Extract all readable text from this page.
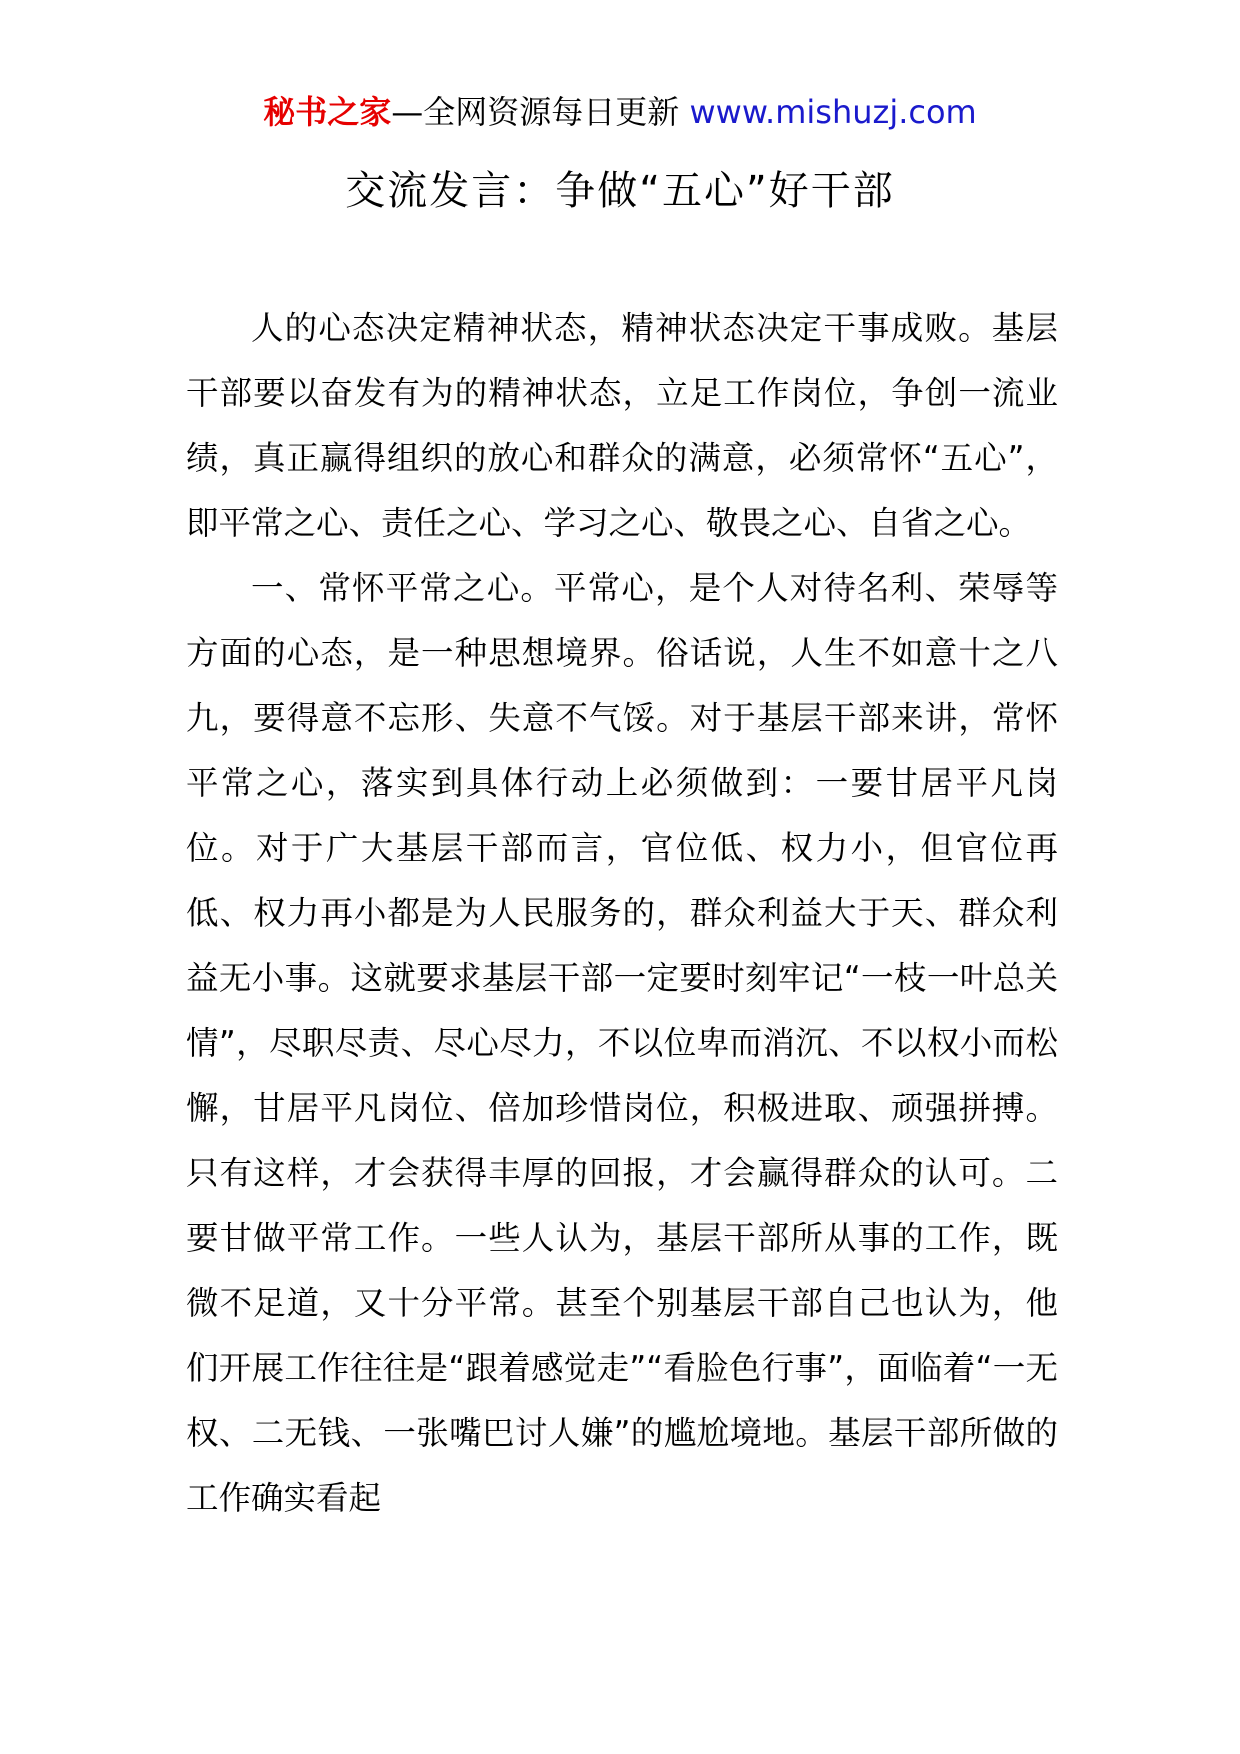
秘书之家—全网资源每日更新 www.mishuzj.com
交流发言：争做“五心”好干部

人的心态决定精神状态，精神状态决定干事成败。基层干部要以奋发有为的精神状态，立足工作岗位，争创一流业绩，真正赢得组织的放心和群众的满意，必须常怀“五心”，即平常之心、责任之心、学习之心、敬畏之心、自省之心。

一、常怀平常之心。平常心，是个人对待名利、荣辱等方面的心态，是一种思想境界。俗话说，人生不如意十之八九，要得意不忘形、失意不气馁。对于基层干部来讲，常怀平常之心，落实到具体行动上必须做到：一要甘居平凡岗位。对于广大基层干部而言，官位低、权力小，但官位再低、权力再小都是为人民服务的，群众利益大于天、群众利益无小事。这就要求基层干部一定要时刻牢记“一枝一叶总关情”，尽职尽责、尽心尽力，不以位卑而消沉、不以权小而松懈，甘居平凡岗位、倍加珍惜岗位，积极进取、顽强拼搏。只有这样，才会获得丰厚的回报，才会赢得群众的认可。二要甘做平常工作。一些人认为，基层干部所从事的工作，既微不足道，又十分平常。甚至个别基层干部自己也认为，他们开展工作往往是“跟着感觉走”“看脸色行事”，面临着“一无权、二无钱、一张嘴巴讨人嫌”的尴尬境地。基层干部所做的工作确实看起
